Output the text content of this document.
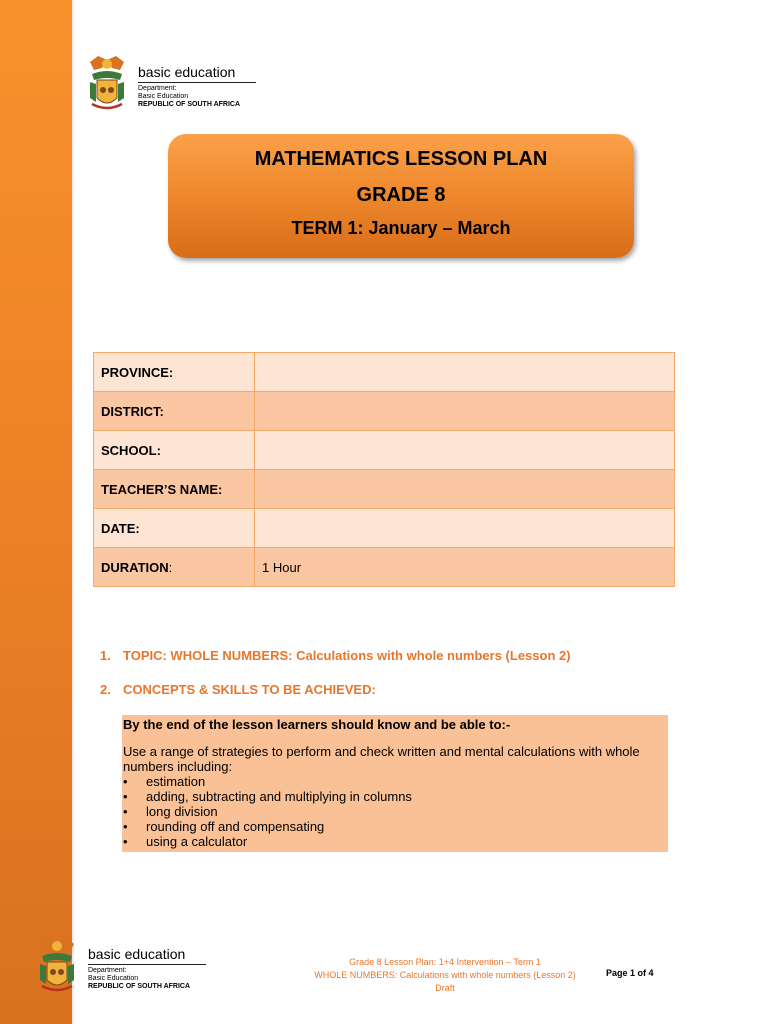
basic education
Department:
Basic Education
REPUBLIC OF SOUTH AFRICA
MATHEMATICS LESSON PLAN
GRADE 8
TERM 1: January – March
PROVINCE:	
DISTRICT:	
SCHOOL:	
TEACHER’S NAME:	
DATE:	
DURATION:	1 Hour
1. TOPIC: WHOLE NUMBERS: Calculations with whole numbers (Lesson 2)
2. CONCEPTS & SKILLS TO BE ACHIEVED:
By the end of the lesson learners should know and be able to:-
Use a range of strategies to perform and check written and mental calculations with whole numbers including:
• estimation
• adding, subtracting and multiplying in columns
• long division
• rounding off and compensating
• using a calculator
basic education
Department:
Basic Education
REPUBLIC OF SOUTH AFRICA
Grade 8 Lesson Plan: 1+4 Intervention – Term 1
WHOLE NUMBERS: Calculations with whole numbers (Lesson 2)
Draft
Page 1 of 4
